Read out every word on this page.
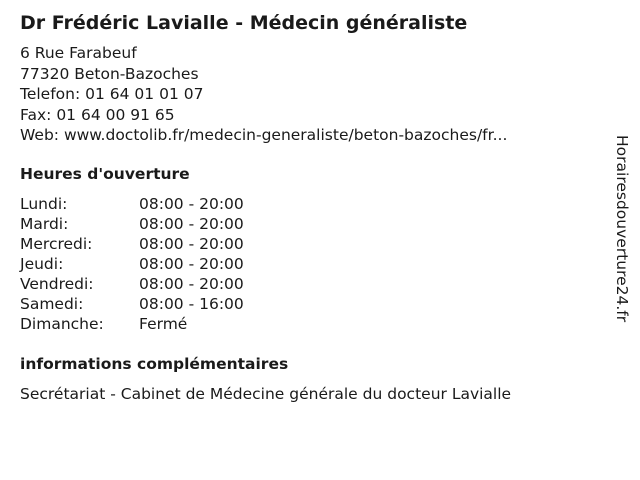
Dr Frédéric Lavialle - Médecin généraliste
6 Rue Farabeuf
77320 Beton-Bazoches
Telefon: 01 64 01 01 07
Fax: 01 64 00 91 65
Web: www.doctolib.fr/medecin-generaliste/beton-bazoches/fr...
Heures d'ouverture
Lundi:	08:00 - 20:00
Mardi:	08:00 - 20:00
Mercredi:	08:00 - 20:00
Jeudi:	08:00 - 20:00
Vendredi:	08:00 - 20:00
Samedi:	08:00 - 16:00
Dimanche:	Fermé
informations complémentaires
Secrétariat - Cabinet de Médecine générale du docteur Lavialle
Horairesdouverture24.fr
